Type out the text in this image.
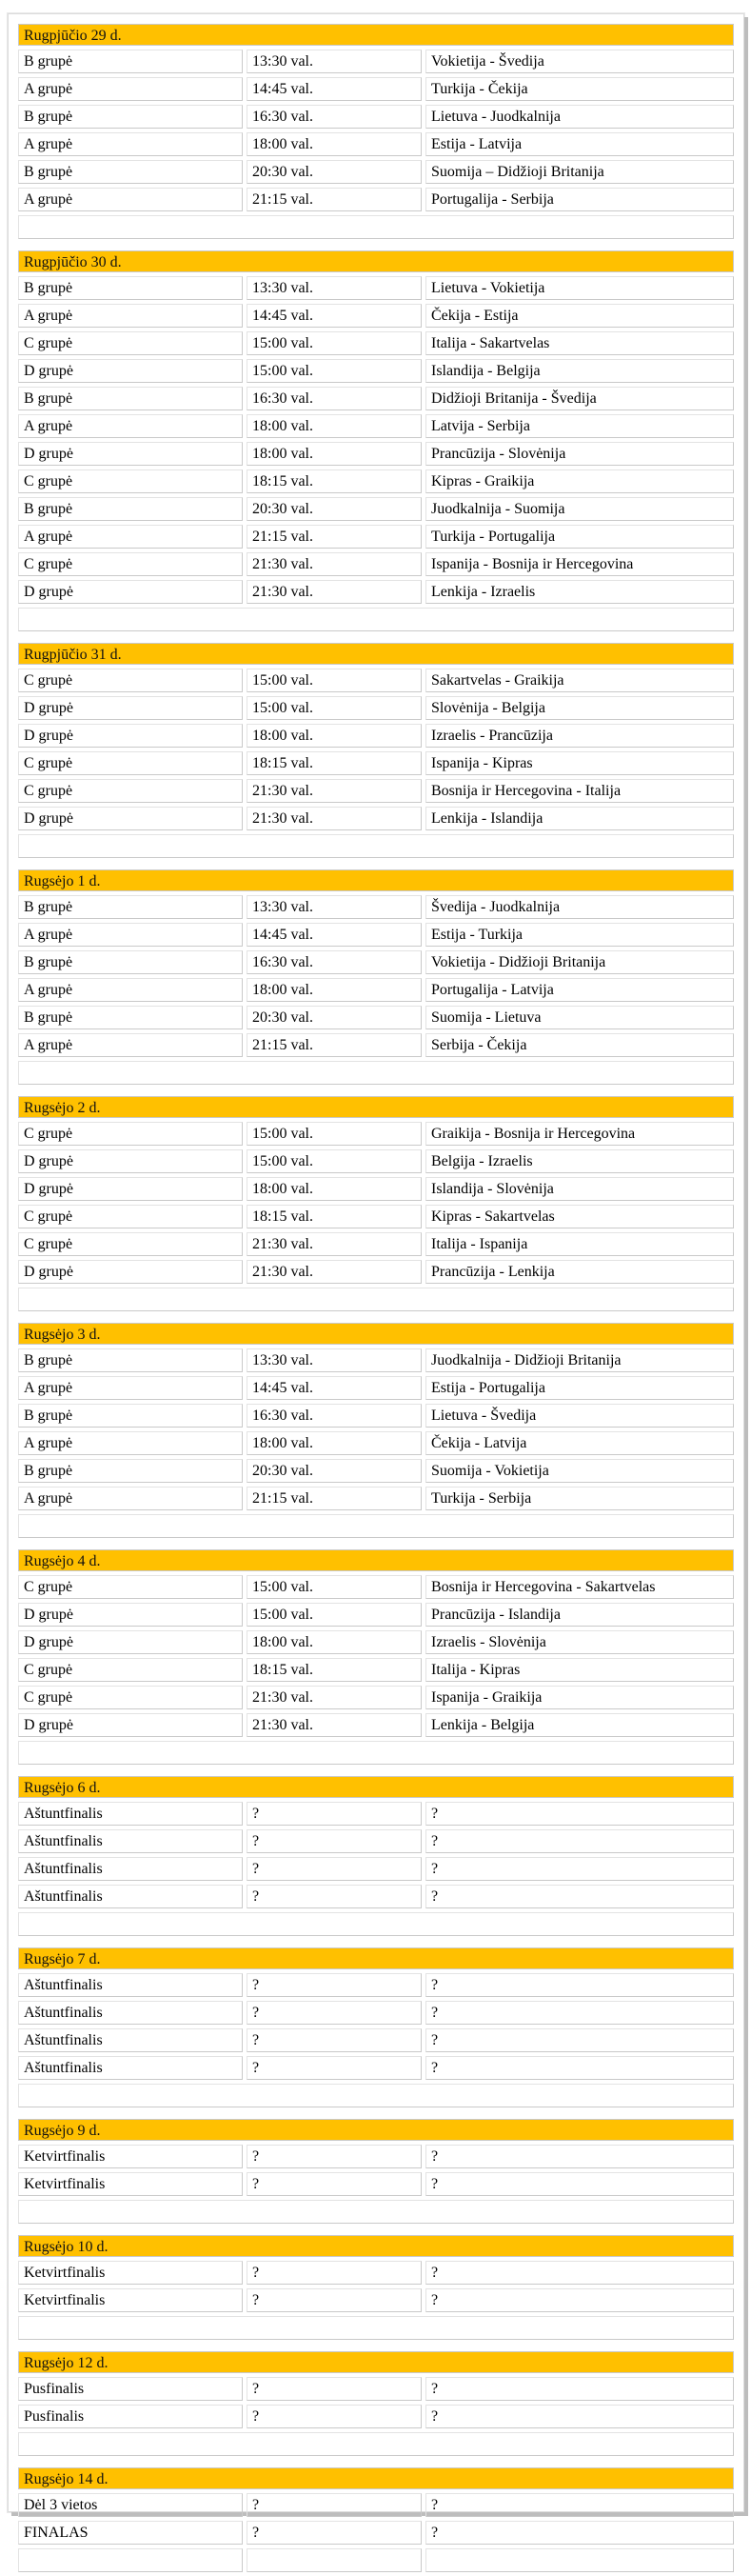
Rugpjūčio 29 d.
B grupė	13:30 val.	Vokietija - Švedija
A grupė	14:45 val.	Turkija - Čekija
B grupė	16:30 val.	Lietuva - Juodkalnija
A grupė	18:00 val.	Estija - Latvija
B grupė	20:30 val.	Suomija – Didžioji Britanija
A grupė	21:15 val.	Portugalija - Serbija
Rugpjūčio 30 d.
B grupė	13:30 val.	Lietuva - Vokietija
A grupė	14:45 val.	Čekija - Estija
C grupė	15:00 val.	Italija - Sakartvelas
D grupė	15:00 val.	Islandija - Belgija
B grupė	16:30 val.	Didžioji Britanija - Švedija
A grupė	18:00 val.	Latvija - Serbija
D grupė	18:00 val.	Prancūzija - Slovėnija
C grupė	18:15 val.	Kipras - Graikija
B grupė	20:30 val.	Juodkalnija - Suomija
A grupė	21:15 val.	Turkija - Portugalija
C grupė	21:30 val.	Ispanija - Bosnija ir Hercegovina
D grupė	21:30 val.	Lenkija - Izraelis
Rugpjūčio 31 d.
C grupė	15:00 val.	Sakartvelas - Graikija
D grupė	15:00 val.	Slovėnija - Belgija
D grupė	18:00 val.	Izraelis - Prancūzija
C grupė	18:15 val.	Ispanija - Kipras
C grupė	21:30 val.	Bosnija ir Hercegovina - Italija
D grupė	21:30 val.	Lenkija - Islandija
Rugsėjo 1 d.
B grupė	13:30 val.	Švedija - Juodkalnija
A grupė	14:45 val.	Estija - Turkija
B grupė	16:30 val.	Vokietija - Didžioji Britanija
A grupė	18:00 val.	Portugalija - Latvija
B grupė	20:30 val.	Suomija - Lietuva
A grupė	21:15 val.	Serbija - Čekija
Rugsėjo 2 d.
C grupė	15:00 val.	Graikija - Bosnija ir Hercegovina
D grupė	15:00 val.	Belgija - Izraelis
D grupė	18:00 val.	Islandija - Slovėnija
C grupė	18:15 val.	Kipras - Sakartvelas
C grupė	21:30 val.	Italija - Ispanija
D grupė	21:30 val.	Prancūzija - Lenkija
Rugsėjo 3 d.
B grupė	13:30 val.	Juodkalnija - Didžioji Britanija
A grupė	14:45 val.	Estija - Portugalija
B grupė	16:30 val.	Lietuva - Švedija
A grupė	18:00 val.	Čekija - Latvija
B grupė	20:30 val.	Suomija - Vokietija
A grupė	21:15 val.	Turkija - Serbija
Rugsėjo 4 d.
C grupė	15:00 val.	Bosnija ir Hercegovina - Sakartvelas
D grupė	15:00 val.	Prancūzija - Islandija
D grupė	18:00 val.	Izraelis - Slovėnija
C grupė	18:15 val.	Italija - Kipras
C grupė	21:30 val.	Ispanija - Graikija
D grupė	21:30 val.	Lenkija - Belgija
Rugsėjo 6 d.
Aštuntfinalis	?	?
Aštuntfinalis	?	?
Aštuntfinalis	?	?
Aštuntfinalis	?	?
Rugsėjo 7 d.
Aštuntfinalis	?	?
Aštuntfinalis	?	?
Aštuntfinalis	?	?
Aštuntfinalis	?	?
Rugsėjo 9 d.
Ketvirtfinalis	?	?
Ketvirtfinalis	?	?
Rugsėjo 10 d.
Ketvirtfinalis	?	?
Ketvirtfinalis	?	?
Rugsėjo 12 d.
Pusfinalis	?	?
Pusfinalis	?	?
Rugsėjo 14 d.
Dėl 3 vietos	?	?
FINALAS	?	?
